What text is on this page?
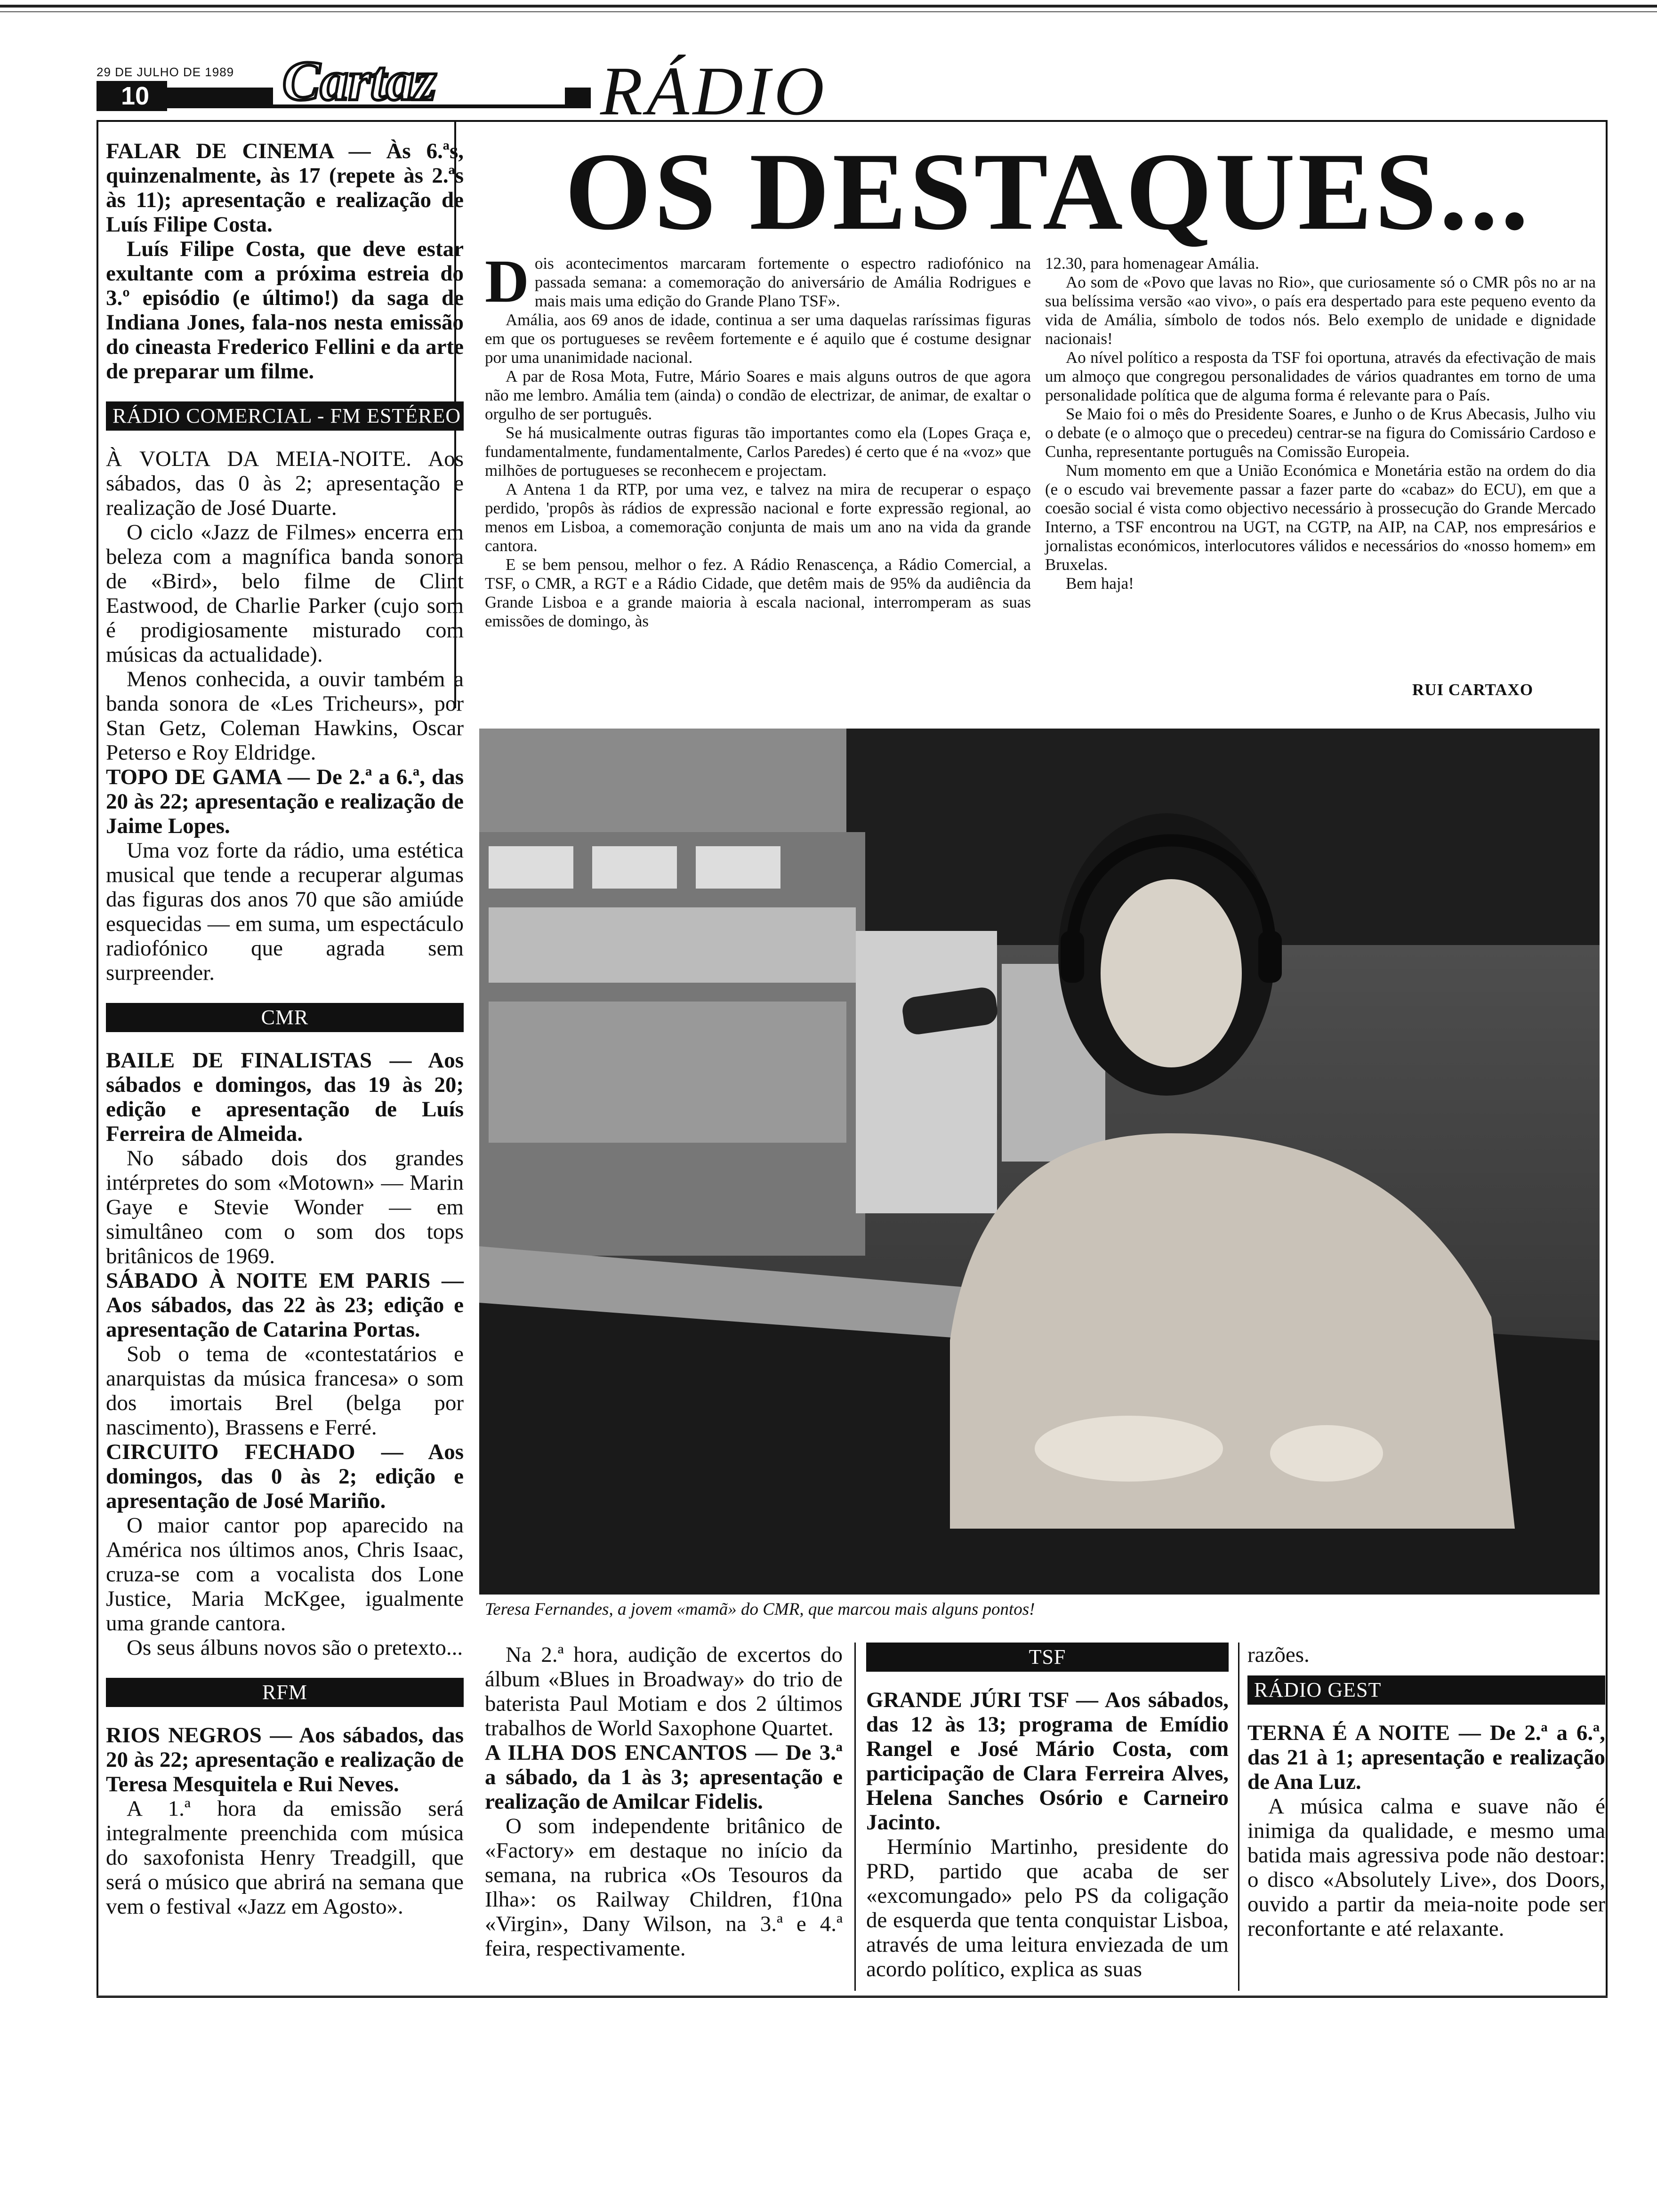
29 DE JULHO DE 1989
10	Cartaz RÁDIO

FALAR DE CINEMA — Às 6.ªs, quinzenalmente, às 17 (repete às 2.ªs às 11); apresentação e realização de Luís Filipe Costa.

Luís Filipe Costa, que deve estar exultante com a próxima estreia do 3.º episódio (e último!) da saga de Indiana Jones, fala-nos nesta emissão do cineasta Frederico Fellini e da arte de preparar um filme.

RÁDIO COMERCIAL - FM ESTÉREO

À VOLTA DA MEIA-NOITE. Aos sábados, das 0 às 2; apresentação e realização de José Duarte.

O ciclo «Jazz de Filmes» encerra em beleza com a magnífica banda sonora de «Bird», belo filme de Clint Eastwood, de Charlie Parker (cujo som é prodigiosamente misturado com músicas da actualidade).

Menos conhecida, a ouvir também a banda sonora de «Les Tricheurs», por Stan Getz, Coleman Hawkins, Oscar Peterso e Roy Eldridge.

TOPO DE GAMA — De 2.ª a 6.ª, das 20 às 22; apresentação e realização de Jaime Lopes.

Uma voz forte da rádio, uma estética musical que tende a recuperar algumas das figuras dos anos 70 que são amiúde esquecidas — em suma, um espectáculo radiofónico que agrada sem surpreender.

CMR

BAILE DE FINALISTAS — Aos sábados e domingos, das 19 às 20; edição e apresentação de Luís Ferreira de Almeida.

No sábado dois dos grandes intérpretes do som «Motown» — Marin Gaye e Stevie Wonder — em simultâneo com o som dos tops britânicos de 1969.

SÁBADO À NOITE EM PARIS — Aos sábados, das 22 às 23; edição e apresentação de Catarina Portas.

Sob o tema de «contestatários e anarquistas da música francesa» o som dos imortais Brel (belga por nascimento), Brassens e Ferré.

CIRCUITO FECHADO — Aos domingos, das 0 às 2; edição e apresentação de José Mariño.

O maior cantor pop aparecido na América nos últimos anos, Chris Isaac, cruza-se com a vocalista dos Lone Justice, Maria McKgee, igualmente uma grande cantora.

Os seus álbuns novos são o pretexto...

RFM

RIOS NEGROS — Aos sábados, das 20 às 22; apresentação e realização de Teresa Mesquitela e Rui Neves.

A 1.ª hora da emissão será integralmente preenchida com música do saxofonista Henry Treadgill, que será o músico que abrirá na semana que vem o festival «Jazz em Agosto».

OS DESTAQUES...

Dois acontecimentos marcaram fortemente o espectro radiofónico na passada semana: a comemoração do aniversário de Amália Rodrigues e mais mais uma edição do Grande Plano TSF».

Amália, aos 69 anos de idade, continua a ser uma daquelas raríssimas figuras em que os portugueses se revêem fortemente e é aquilo que é costume designar por uma unanimidade nacional.

A par de Rosa Mota, Futre, Mário Soares e mais alguns outros de que agora não me lembro. Amália tem (ainda) o condão de electrizar, de animar, de exaltar o orgulho de ser português.

Se há musicalmente outras figuras tão importantes como ela (Lopes Graça e, fundamentalmente, fundamentalmente, Carlos Paredes) é certo que é na «voz» que milhões de portugueses se reconhecem e projectam.

A Antena 1 da RTP, por uma vez, e talvez na mira de recuperar o espaço perdido, 'propôs às rádios de expressão nacional e forte expressão regional, ao menos em Lisboa, a comemoração conjunta de mais um ano na vida da grande cantora.

E se bem pensou, melhor o fez. A Rádio Renascença, a Rádio Comercial, a TSF, o CMR, a RGT e a Rádio Cidade, que detêm mais de 95% da audiência da Grande Lisboa e a grande maioria à escala nacional, interromperam as suas emissões de domingo, às

12.30, para homenagear Amália.

Ao som de «Povo que lavas no Rio», que curiosamente só o CMR pôs no ar na sua belíssima versão «ao vivo», o país era despertado para este pequeno evento da vida de Amália, símbolo de todos nós. Belo exemplo de unidade e dignidade nacionais!

Ao nível político a resposta da TSF foi oportuna, através da efectivação de mais um almoço que congregou personalidades de vários quadrantes em torno de uma personalidade política que de alguma forma é relevante para o País.

Se Maio foi o mês do Presidente Soares, e Junho o de Krus Abecasis, Julho viu o debate (e o almoço que o precedeu) centrar-se na figura do Comissário Cardoso e Cunha, representante português na Comissão Europeia.

Num momento em que a União Económica e Monetária estão na ordem do dia (e o escudo vai brevemente passar a fazer parte do «cabaz» do ECU), em que a coesão social é vista como objectivo necessário à prossecução do Grande Mercado Interno, a TSF encontrou na UGT, na CGTP, na AIP, na CAP, nos empresários e jornalistas económicos, interlocutores válidos e necessários do «nosso homem» em Bruxelas.

Bem haja!

RUI CARTAXO
Teresa Fernandes, a jovem «mamã» do CMR, que marcou mais alguns pontos!

Na 2.ª hora, audição de excertos do álbum «Blues in Broadway» do trio de baterista Paul Motiam e dos 2 últimos trabalhos de World Saxophone Quartet.

A ILHA DOS ENCANTOS — De 3.ª a sábado, da 1 às 3; apresentação e realização de Amilcar Fidelis.

O som independente britânico de «Factory» em destaque no início da semana, na rubrica «Os Tesouros da Ilha»: os Railway Children, f10na «Virgin», Dany Wilson, na 3.ª e 4.ª feira, respectivamente.

TSF

GRANDE JÚRI TSF — Aos sábados, das 12 às 13; programa de Emídio Rangel e José Mário Costa, com participação de Clara Ferreira Alves, Helena Sanches Osório e Carneiro Jacinto.

Hermínio Martinho, presidente do PRD, partido que acaba de ser «excomungado» pelo PS da coligação de esquerda que tenta conquistar Lisboa, através de uma leitura enviezada de um acordo político, explica as suas

razões.

RÁDIO GEST

TERNA É A NOITE — De 2.ª a 6.ª, das 21 à 1; apresentação e realização de Ana Luz.

A música calma e suave não é inimiga da qualidade, e mesmo uma batida mais agressiva pode não destoar: o disco «Absolutely Live», dos Doors, ouvido a partir da meia-noite pode ser reconfortante e até relaxante.
